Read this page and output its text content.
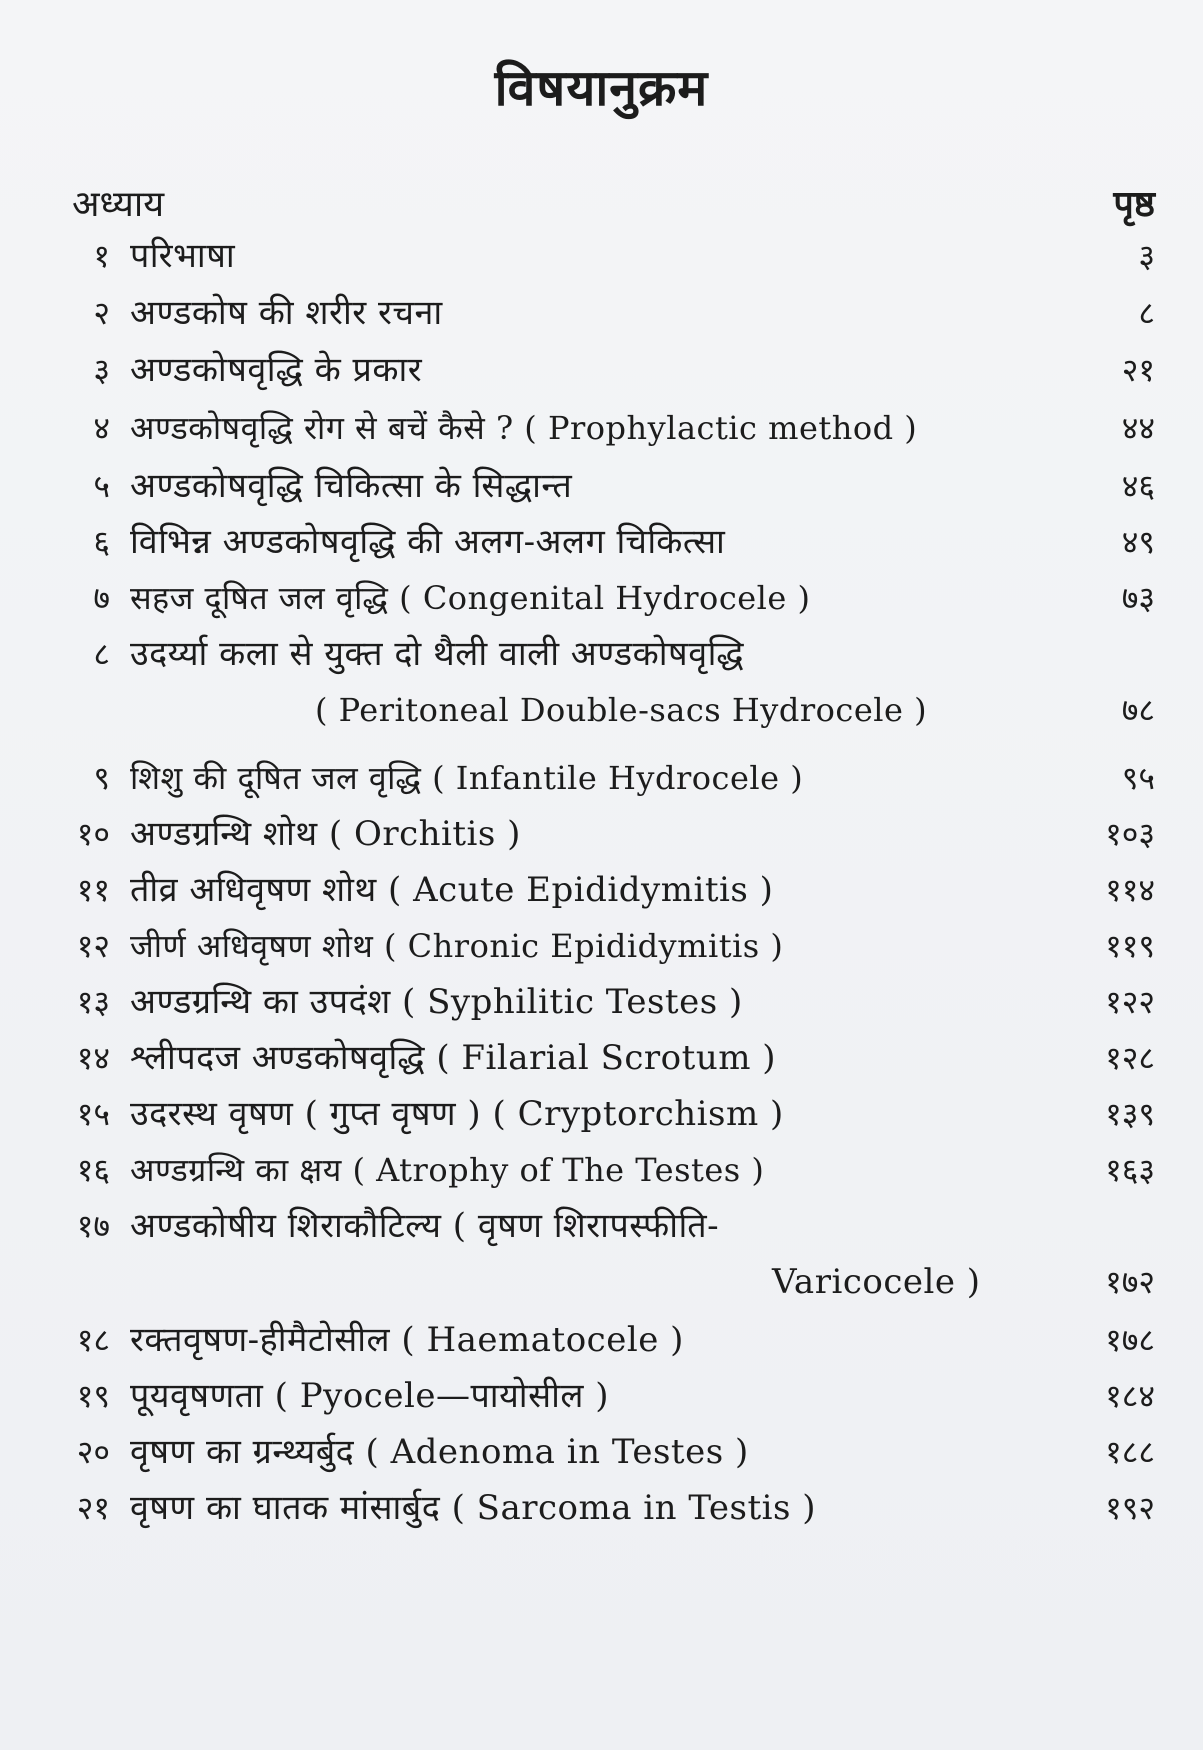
विषयानुक्रम
अध्याय	पृष्ठ
१ परिभाषा	३
२ अण्डकोष की शरीर रचना	८
३ अण्डकोषवृद्धि के प्रकार	२१
४ अण्डकोषवृद्धि रोग से बचें कैसे ? ( Prophylactic method )	४४
५ अण्डकोषवृद्धि चिकित्सा के सिद्धान्त	४६
६ विभिन्न अण्डकोषवृद्धि की अलग-अलग चिकित्सा	४९
७ सहज दूषित जल वृद्धि ( Congenital Hydrocele )	७३
८ उदर्य्या कला से युक्त दो थैली वाली अण्डकोषवृद्धि
( Peritoneal Double-sacs Hydrocele )	७८
९ शिशु की दूषित जल वृद्धि ( Infantile Hydrocele )	९५
१० अण्डग्रन्थि शोथ ( Orchitis )	१०३
११ तीव्र अधिवृषण शोथ ( Acute Epididymitis )	११४
१२ जीर्ण अधिवृषण शोथ ( Chronic Epididymitis )	११९
१३ अण्डग्रन्थि का उपदंश ( Syphilitic Testes )	१२२
१४ श्लीपदज अण्डकोषवृद्धि ( Filarial Scrotum )	१२८
१५ उदरस्थ वृषण ( गुप्त वृषण ) ( Cryptorchism )	१३९
१६ अण्डग्रन्थि का क्षय ( Atrophy of The Testes )	१६३
१७ अण्डकोषीय शिराकौटिल्य ( वृषण शिरापस्फीति-
Varicocele )	१७२
१८ रक्तवृषण-हीमैटोसील ( Haematocele )	१७८
१९ पूयवृषणता ( Pyocele—पायोसील )	१८४
२० वृषण का ग्रन्थ्यर्बुद ( Adenoma in Testes )	१८८
२१ वृषण का घातक मांसार्बुद ( Sarcoma in Testis )	१९२
